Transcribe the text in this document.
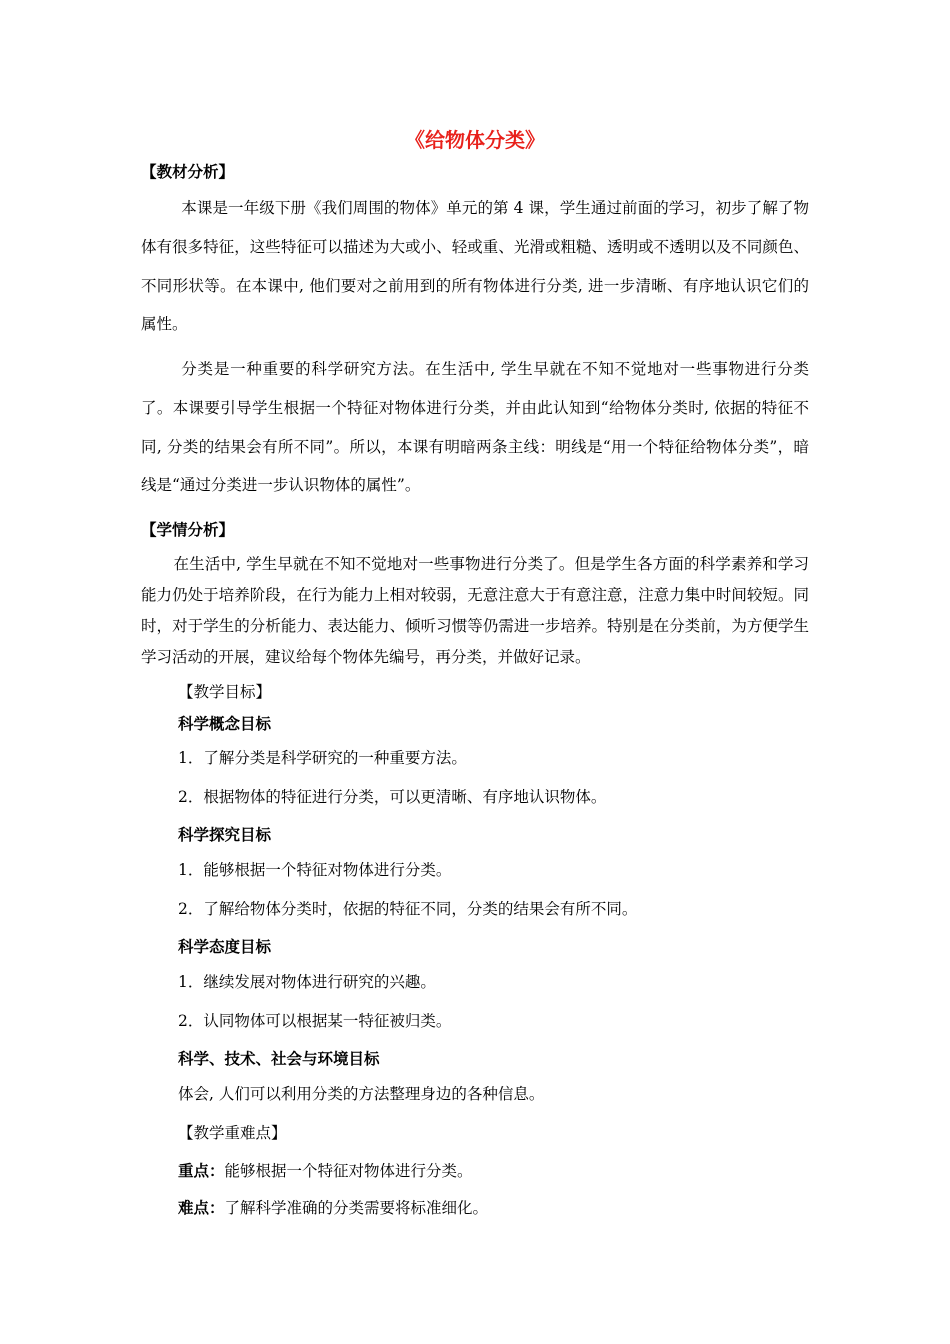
《给物体分类》
【教材分析】
本课是一年级下册《我们周围的物体》单元的第 4 课，学生通过前面的学习，初步了解了物体有很多特征，这些特征可以描述为大或小、轻或重、光滑或粗糙、透明或不透明以及不同颜色、不同形状等。在本课中, 他们要对之前用到的所有物体进行分类, 进一步清晰、有序地认识它们的属性。
分类是一种重要的科学研究方法。在生活中, 学生早就在不知不觉地对一些事物进行分类了。本课要引导学生根据一个特征对物体进行分类，并由此认知到“给物体分类时, 依据的特征不同, 分类的结果会有所不同”。所以，本课有明暗两条主线：明线是“用一个特征给物体分类”，暗线是“通过分类进一步认识物体的属性”。
【学情分析】
在生活中, 学生早就在不知不觉地对一些事物进行分类了。但是学生各方面的科学素养和学习能力仍处于培养阶段，在行为能力上相对较弱，无意注意大于有意注意，注意力集中时间较短。同时，对于学生的分析能力、表达能力、倾听习惯等仍需进一步培养。特别是在分类前，为方便学生学习活动的开展，建议给每个物体先编号，再分类，并做好记录。
【教学目标】
科学概念目标
1．了解分类是科学研究的一种重要方法。
2．根据物体的特征进行分类，可以更清晰、有序地认识物体。
科学探究目标
1．能够根据一个特征对物体进行分类。
2．了解给物体分类时，依据的特征不同，分类的结果会有所不同。
科学态度目标
1．继续发展对物体进行研究的兴趣。
2．认同物体可以根据某一特征被归类。
科学、技术、社会与环境目标
体会, 人们可以利用分类的方法整理身边的各种信息。
【教学重难点】
重点：能够根据一个特征对物体进行分类。
难点：了解科学准确的分类需要将标准细化。
